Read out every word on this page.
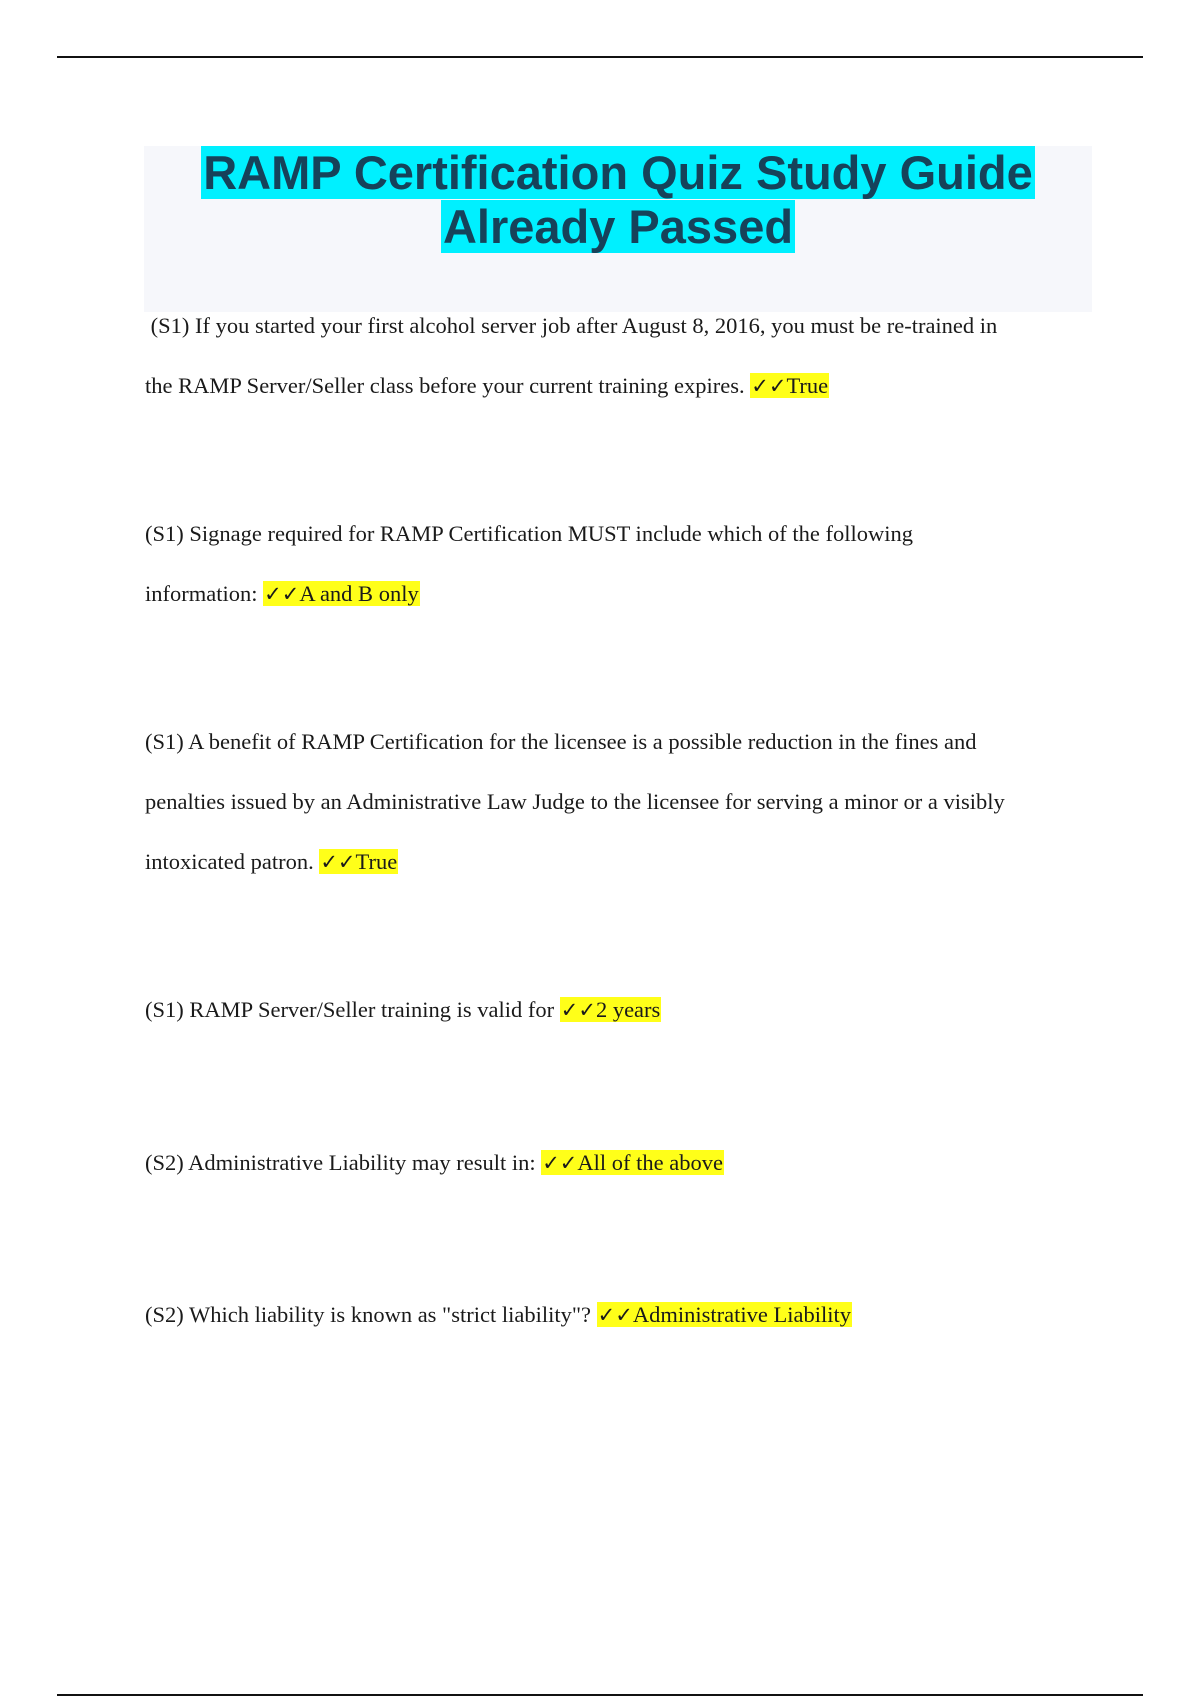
RAMP Certification Quiz Study Guide
Already Passed
(S1) If you started your first alcohol server job after August 8, 2016, you must be re-trained in
the RAMP Server/Seller class before your current training expires. ✓✓True
(S1) Signage required for RAMP Certification MUST include which of the following
information: ✓✓A and B only
(S1) A benefit of RAMP Certification for the licensee is a possible reduction in the fines and
penalties issued by an Administrative Law Judge to the licensee for serving a minor or a visibly
intoxicated patron. ✓✓True
(S1) RAMP Server/Seller training is valid for ✓✓2 years
(S2) Administrative Liability may result in: ✓✓All of the above
(S2) Which liability is known as "strict liability"? ✓✓Administrative Liability
